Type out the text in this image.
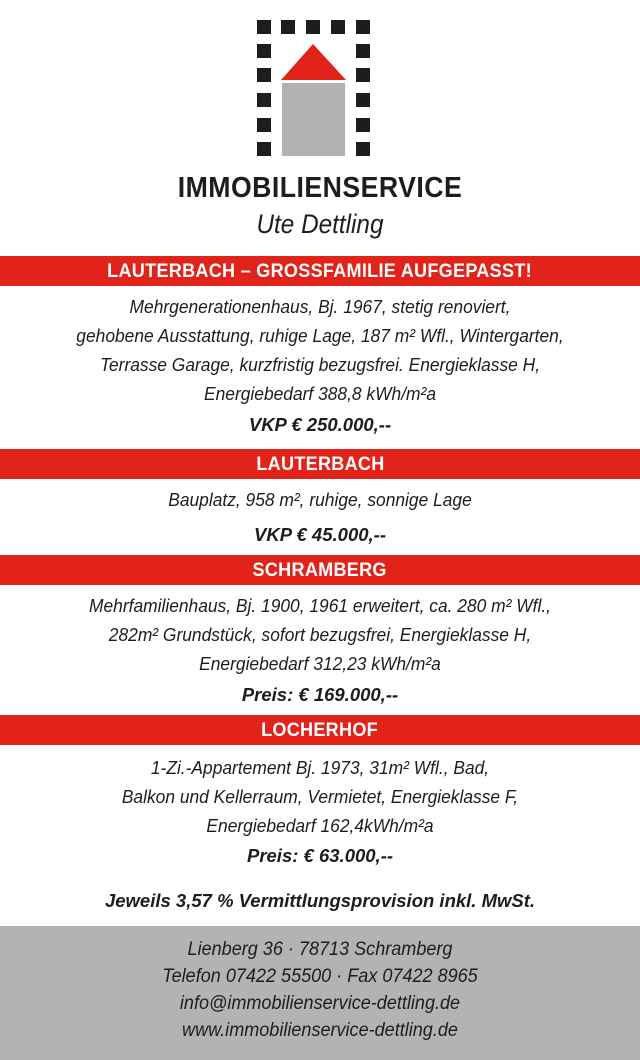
IMMOBILIENSERVICE
Ute Dettling
LAUTERBACH – GROSSFAMILIE AUFGEPASST!
Mehrgenerationenhaus, Bj. 1967, stetig renoviert,
gehobene Ausstattung, ruhige Lage, 187 m² Wfl., Wintergarten,
Terrasse Garage, kurzfristig bezugsfrei. Energieklasse H,
Energiebedarf 388,8 kWh/m²a
VKP € 250.000,--
LAUTERBACH
Bauplatz, 958 m², ruhige, sonnige Lage
VKP € 45.000,--
SCHRAMBERG
Mehrfamilienhaus, Bj. 1900, 1961 erweitert, ca. 280 m² Wfl.,
282m² Grundstück, sofort bezugsfrei, Energieklasse H,
Energiebedarf 312,23 kWh/m²a
Preis: € 169.000,--
LOCHERHOF
1-Zi.-Appartement Bj. 1973, 31m² Wfl., Bad,
Balkon und Kellerraum, Vermietet, Energieklasse F,
Energiebedarf 162,4kWh/m²a
Preis: € 63.000,--
Jeweils 3,57 % Vermittlungsprovision inkl. MwSt.
Lienberg 36 · 78713 Schramberg
Telefon 07422 55500 · Fax 07422 8965
info@immobilienservice-dettling.de
www.immobilienservice-dettling.de
